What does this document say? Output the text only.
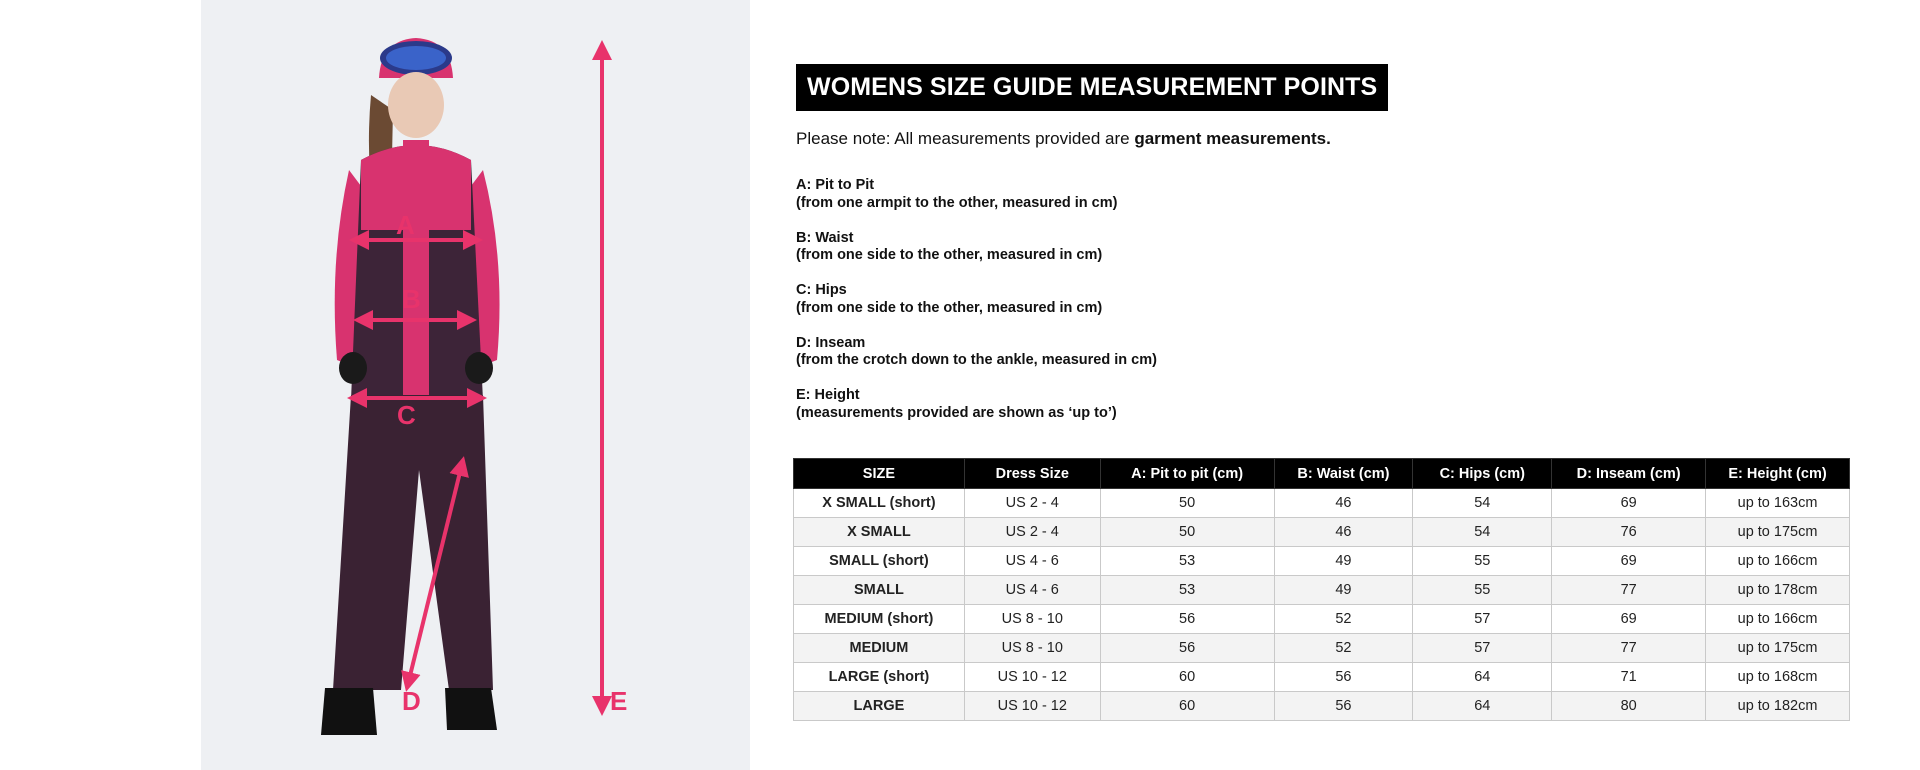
A
B
C
D	E
WOMENS SIZE GUIDE MEASUREMENT POINTS
Please note: All measurements provided are garment measurements.
A: Pit to Pit
(from one armpit to the other, measured in cm)
B: Waist
(from one side to the other, measured in cm)
C: Hips
(from one side to the other, measured in cm)
D: Inseam
(from the crotch down to the ankle, measured in cm)
E: Height
(measurements provided are shown as ‘up to’)
SIZE	Dress Size	A: Pit to pit (cm)	B: Waist (cm)	C: Hips (cm)	D: Inseam (cm)	E: Height (cm)
X SMALL (short)	US 2 - 4	50	46	54	69	up to 163cm
X SMALL	US 2 - 4	50	46	54	76	up to 175cm
SMALL (short)	US 4 - 6	53	49	55	69	up to 166cm
SMALL	US 4 - 6	53	49	55	77	up to 178cm
MEDIUM (short)	US 8 - 10	56	52	57	69	up to 166cm
MEDIUM	US 8 - 10	56	52	57	77	up to 175cm
LARGE (short)	US 10 - 12	60	56	64	71	up to 168cm
LARGE	US 10 - 12	60	56	64	80	up to 182cm
